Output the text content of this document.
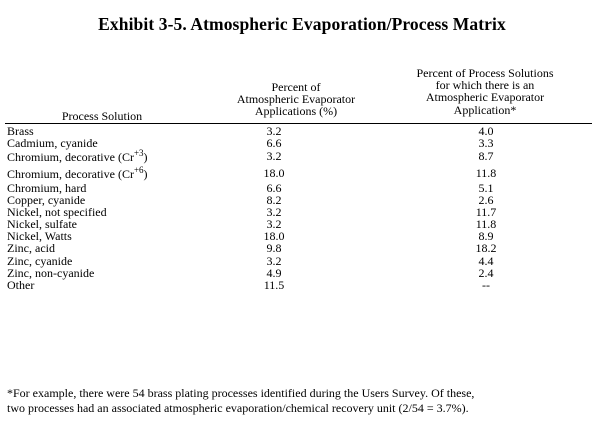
Exhibit 3-5. Atmospheric Evaporation/Process Matrix
Percent of Process Solutions
for which there is an
Atmospheric Evaporator
Application*
Percent of
Atmospheric Evaporator
Applications (%)
Process Solution
Brass	3.2	4.0
Cadmium, cyanide	6.6	3.3
Chromium, decorative $(Cr^{+3})$	3.2	8.7
Chromium, decorative $(Cr^{+6})$	18.0	11.8
Chromium, hard	6.6	5.1
Copper, cyanide	8.2	2.6
Nickel, not specified	3.2	11.7
Nickel, sulfate	3.2	11.8
Nickel, Watts	18.0	8.9
Zinc, acid	9.8	18.2
Zinc, cyanide	3.2	4.4
Zinc, non-cyanide	4.9	2.4
Other	11.5	--
*For example, there were 54 brass plating processes identified during the Users Survey. Of these,
two processes had an associated atmospheric evaporation/chemical recovery unit (2/54 = 3.7%).
